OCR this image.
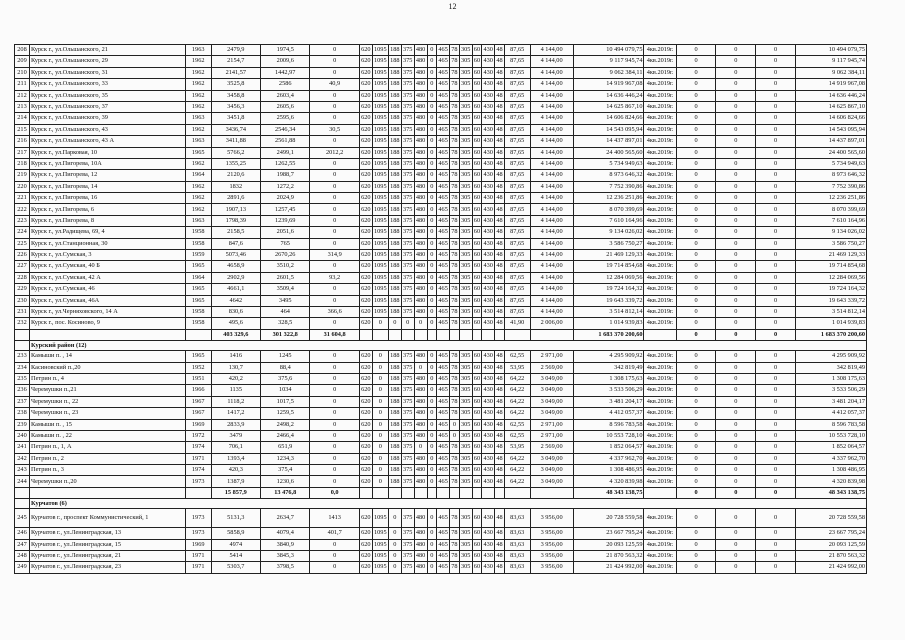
12
208	Курск г., ул.Ольшанского, 21	1963	2479,9	1974,5	0	620	1095	188	375	480	0	465	78	305	60	430	48	87,65	4 144,00	10 494 079,75	4кв.2019г.	0	0	0	10 494 079,75
209	Курск г., ул.Ольшанского, 29	1962	2154,7	2009,6	0	620	1095	188	375	480	0	465	78	305	60	430	48	87,65	4 144,00	9 117 945,74	4кв.2019г.	0	0	0	9 117 945,74
210	Курск г., ул.Ольшанского, 31	1962	2141,57	1442,97	0	620	1095	188	375	480	0	465	78	305	60	430	48	87,65	4 144,00	9 062 384,11	4кв.2019г.	0	0	0	9 062 384,11
211	Курск г., ул.Ольшанского, 33	1962	3525,8	2586	40,9	620	1095	188	375	480	0	465	78	305	60	430	48	87,65	4 144,00	14 919 967,08	4кв.2019г.	0	0	0	14 919 967,08
212	Курск г., ул.Ольшанского, 35	1962	3458,8	2603,4	0	620	1095	188	375	480	0	465	78	305	60	430	48	87,65	4 144,00	14 636 446,24	4кв.2019г.	0	0	0	14 636 446,24
213	Курск г., ул.Ольшанского, 37	1962	3456,3	2605,6	0	620	1095	188	375	480	0	465	78	305	60	430	48	87,65	4 144,00	14 625 867,10	4кв.2019г.	0	0	0	14 625 867,10
214	Курск г., ул.Ольшанского, 39	1963	3451,8	2595,6	0	620	1095	188	375	480	0	465	78	305	60	430	48	87,65	4 144,00	14 606 824,66	4кв.2019г.	0	0	0	14 606 824,66
215	Курск г., ул.Ольшанского, 43	1962	3436,74	2546,34	30,5	620	1095	188	375	480	0	465	78	305	60	430	48	87,65	4 144,00	14 543 095,94	4кв.2019г.	0	0	0	14 543 095,94
216	Курск г., ул.Ольшанского, 43 А	1963	3411,88	2561,88	0	620	1095	188	375	480	0	465	78	305	60	430	48	87,65	4 144,00	14 437 897,01	4кв.2019г.	0	0	0	14 437 897,01
217	Курск г., ул.Парковая, 10	1965	5766,2	2499,1	2012,2	620	1095	188	375	480	0	465	78	305	60	430	48	87,65	4 144,00	24 400 565,60	4кв.2019г.	0	0	0	24 400 565,60
218	Курск г., ул.Пигорева, 10А	1962	1355,25	1262,55	0	620	1095	188	375	480	0	465	78	305	60	430	48	87,65	4 144,00	5 734 949,63	4кв.2019г.	0	0	0	5 734 949,63
219	Курск г., ул.Пигорева, 12	1964	2120,6	1988,7	0	620	1095	188	375	480	0	465	78	305	60	430	48	87,65	4 144,00	8 973 646,32	4кв.2019г.	0	0	0	8 973 646,32
220	Курск г., ул.Пигорева, 14	1962	1832	1272,2	0	620	1095	188	375	480	0	465	78	305	60	430	48	87,65	4 144,00	7 752 390,86	4кв.2019г.	0	0	0	7 752 390,86
221	Курск г., ул.Пигорева, 16	1962	2891,6	2024,9	0	620	1095	188	375	480	0	465	78	305	60	430	48	87,65	4 144,00	12 236 251,86	4кв.2019г.	0	0	0	12 236 251,86
222	Курск г., ул.Пигорева, 6	1962	1907,13	1257,45	0	620	1095	188	375	480	0	465	78	305	60	430	48	87,65	4 144,00	8 070 399,69	4кв.2019г.	0	0	0	8 070 399,69
223	Курск г., ул.Пигорева, 8	1963	1798,39	1239,69	0	620	1095	188	375	480	0	465	78	305	60	430	48	87,65	4 144,00	7 610 164,96	4кв.2019г.	0	0	0	7 610 164,96
224	Курск г., ул.Радищева, 69, 4	1958	2158,5	2051,6	0	620	1095	188	375	480	0	465	78	305	60	430	48	87,65	4 144,00	9 134 026,02	4кв.2019г.	0	0	0	9 134 026,02
225	Курск г., ул.Станционная, 30	1958	847,6	765	0	620	1095	188	375	480	0	465	78	305	60	430	48	87,65	4 144,00	3 586 750,27	4кв.2019г.	0	0	0	3 586 750,27
226	Курск г., ул.Сумская, 3	1959	5073,46	2670,26	314,9	620	1095	188	375	480	0	465	78	305	60	430	48	87,65	4 144,00	21 469 129,33	4кв.2019г.	0	0	0	21 469 129,33
227	Курск г., ул.Сумская, 40 Б	1965	4658,9	3510,2	0	620	1095	188	375	480	0	465	78	305	60	430	48	87,65	4 144,00	19 714 854,68	4кв.2019г.	0	0	0	19 714 854,68
228	Курск г., ул.Сумская, 42 А	1964	2902,9	2601,5	93,2	620	1095	188	375	480	0	465	78	305	60	430	48	87,65	4 144,00	12 284 069,56	4кв.2019г.	0	0	0	12 284 069,56
229	Курск г., ул.Сумская, 46	1965	4661,1	3509,4	0	620	1095	188	375	480	0	465	78	305	60	430	48	87,65	4 144,00	19 724 164,32	4кв.2019г.	0	0	0	19 724 164,32
230	Курск г., ул.Сумская, 46А	1965	4642	3495	0	620	1095	188	375	480	0	465	78	305	60	430	48	87,65	4 144,00	19 643 339,72	4кв.2019г.	0	0	0	19 643 339,72
231	Курск г., ул.Черняховского, 14 А	1958	830,6	464	366,6	620	1095	188	375	480	0	465	78	305	60	430	48	87,65	4 144,00	3 514 812,14	4кв.2019г.	0	0	0	3 514 812,14
232	Курск г., пос. Косиново, 9	1958	495,6	328,5	0	620	0	0	0	0	0	465	78	305	60	430	48	41,90	2 006,00	1 014 939,83	4кв.2019г.	0	0	0	1 014 939,83
			403 329,6	301 322,8	31 604,8															1 683 370 200,60		0	0	0	1 683 370 200,60
	Курский район (12)																								
233	Камыши п. , 14	1965	1416	1245	0	620	0	188	375	480	0	465	78	305	60	430	48	62,55	2 971,00	4 295 909,92	4кв.2019г.	0	0	0	4 295 909,92
234	Касиновский п.,20	1952	130,7	88,4	0	620	0	188	375	0	0	465	78	305	60	430	48	53,95	2 569,00	342 819,49	4кв.2019г.	0	0	0	342 819,49
235	Петрин п., 4	1951	420,2	375,6	0	620	0	188	375	480	0	465	78	305	60	430	48	64,22	3 049,00	1 308 175,63	4кв.2019г.	0	0	0	1 308 175,63
236	Черемушки п.,21	1966	1135	1034	0	620	0	188	375	480	0	465	78	305	60	430	48	64,22	3 049,00	3 533 506,29	4кв.2019г.	0	0	0	3 533 506,29
237	Черемушки п., 22	1967	1118,2	1017,5	0	620	0	188	375	480	0	465	78	305	60	430	48	64,22	3 049,00	3 481 204,17	4кв.2019г.	0	0	0	3 481 204,17
238	Черемушки п., 23	1967	1417,2	1259,5	0	620	0	188	375	480	0	465	78	305	60	430	48	64,22	3 049,00	4 412 057,37	4кв.2019г.	0	0	0	4 412 057,37
239	Камыши п. , 15	1969	2833,9	2498,2	0	620	0	188	375	480	0	465	0	305	60	430	48	62,55	2 971,00	8 596 783,58	4кв.2019г.	0	0	0	8 596 783,58
240	Камыши п. , 22	1972	3479	2466,4	0	620	0	188	375	480	0	465	0	305	60	430	48	62,55	2 971,00	10 553 728,10	4кв.2019г.	0	0	0	10 553 728,10
241	Петрин п., 1, А	1974	706,1	651,9	0	620	0	188	375	0	0	465	78	305	60	430	48	53,95	2 569,00	1 852 064,57	4кв.2019г.	0	0	0	1 852 064,57
242	Петрин п., 2	1971	1393,4	1234,3	0	620	0	188	375	480	0	465	78	305	60	430	48	64,22	3 049,00	4 337 962,70	4кв.2019г.	0	0	0	4 337 962,70
243	Петрин п., 3	1974	420,3	375,4	0	620	0	188	375	480	0	465	78	305	60	430	48	64,22	3 049,00	1 308 486,95	4кв.2019г.	0	0	0	1 308 486,95
244	Черемушки п.,20	1973	1387,9	1230,6	0	620	0	188	375	480	0	465	78	305	60	430	48	64,22	3 049,00	4 320 839,98	4кв.2019г.	0	0	0	4 320 839,98
			15 857,9	13 476,8	0,0															48 343 138,75		0	0	0	48 343 138,75
	Курчатов (6)																								
245	Курчатов г., проспект Коммунистический, 1	1973	5131,3	2634,7	1413	620	1095	0	375	480	0	465	78	305	60	430	48	83,63	3 956,00	20 728 559,58	4кв.2019г.	0	0	0	20 728 559,58
246	Курчатов г., ул.Ленинградская, 13	1973	5858,9	4079,4	401,7	620	1095	0	375	480	0	465	78	305	60	430	48	83,63	3 956,00	23 667 795,24	4кв.2019г.	0	0	0	23 667 795,24
247	Курчатов г., ул.Ленинградская, 15	1969	4974	3840,9	0	620	1095	0	375	480	0	465	78	305	60	430	48	83,63	3 956,00	20 093 125,59	4кв.2019г.	0	0	0	20 093 125,59
248	Курчатов г., ул.Ленинградская, 21	1971	5414	3845,3	0	620	1095	0	375	480	0	465	78	305	60	430	48	83,63	3 956,00	21 870 563,32	4кв.2019г.	0	0	0	21 870 563,32
249	Курчатов г., ул.Ленинградская, 23	1971	5303,7	3798,5	0	620	1095	0	375	480	0	465	78	305	60	430	48	83,63	3 956,00	21 424 992,00	4кв.2019г.	0	0	0	21 424 992,00
